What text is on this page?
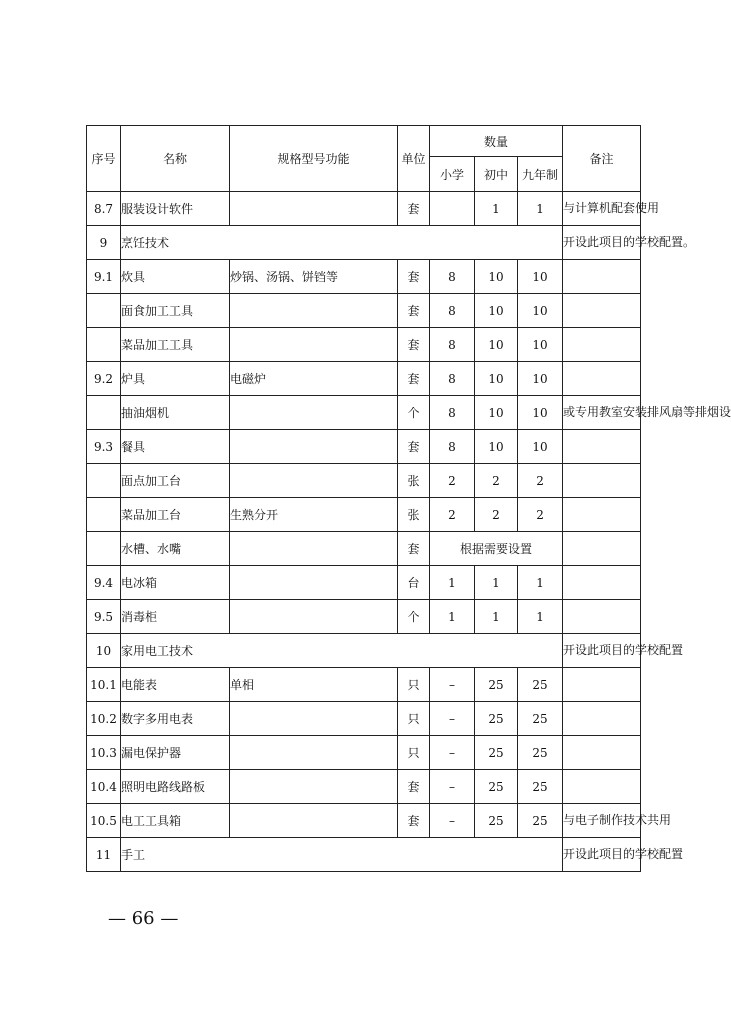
序号	名称	规格型号功能	单位	数量			备注
				小学	初中	九年制	
8.7	服装设计软件		套		1	1	与计算机配套使用
9	烹饪技术						开设此项目的学校配置。
9.1	炊具	炒锅、汤锅、饼铛等	套	8	10	10	
	面食加工工具		套	8	10	10	
	菜品加工工具		套	8	10	10	
9.2	炉具	电磁炉	套	8	10	10	
	抽油烟机		个	8	10	10	或专用教室安装排风扇等排烟设
9.3	餐具		套	8	10	10	
	面点加工台		张	2	2	2	
	菜品加工台	生熟分开	张	2	2	2	
	水槽、水嘴		套	根据需要设置			
9.4	电冰箱		台	1	1	1	
9.5	消毒柜		个	1	1	1	
10	家用电工技术						开设此项目的学校配置
10.1	电能表	单相	只	–	25	25	
10.2	数字多用电表		只	–	25	25	
10.3	漏电保护器		只	–	25	25	
10.4	照明电路线路板		套	–	25	25	
10.5	电工工具箱		套	–	25	25	与电子制作技术共用
11	手工						开设此项目的学校配置
— 66 —
